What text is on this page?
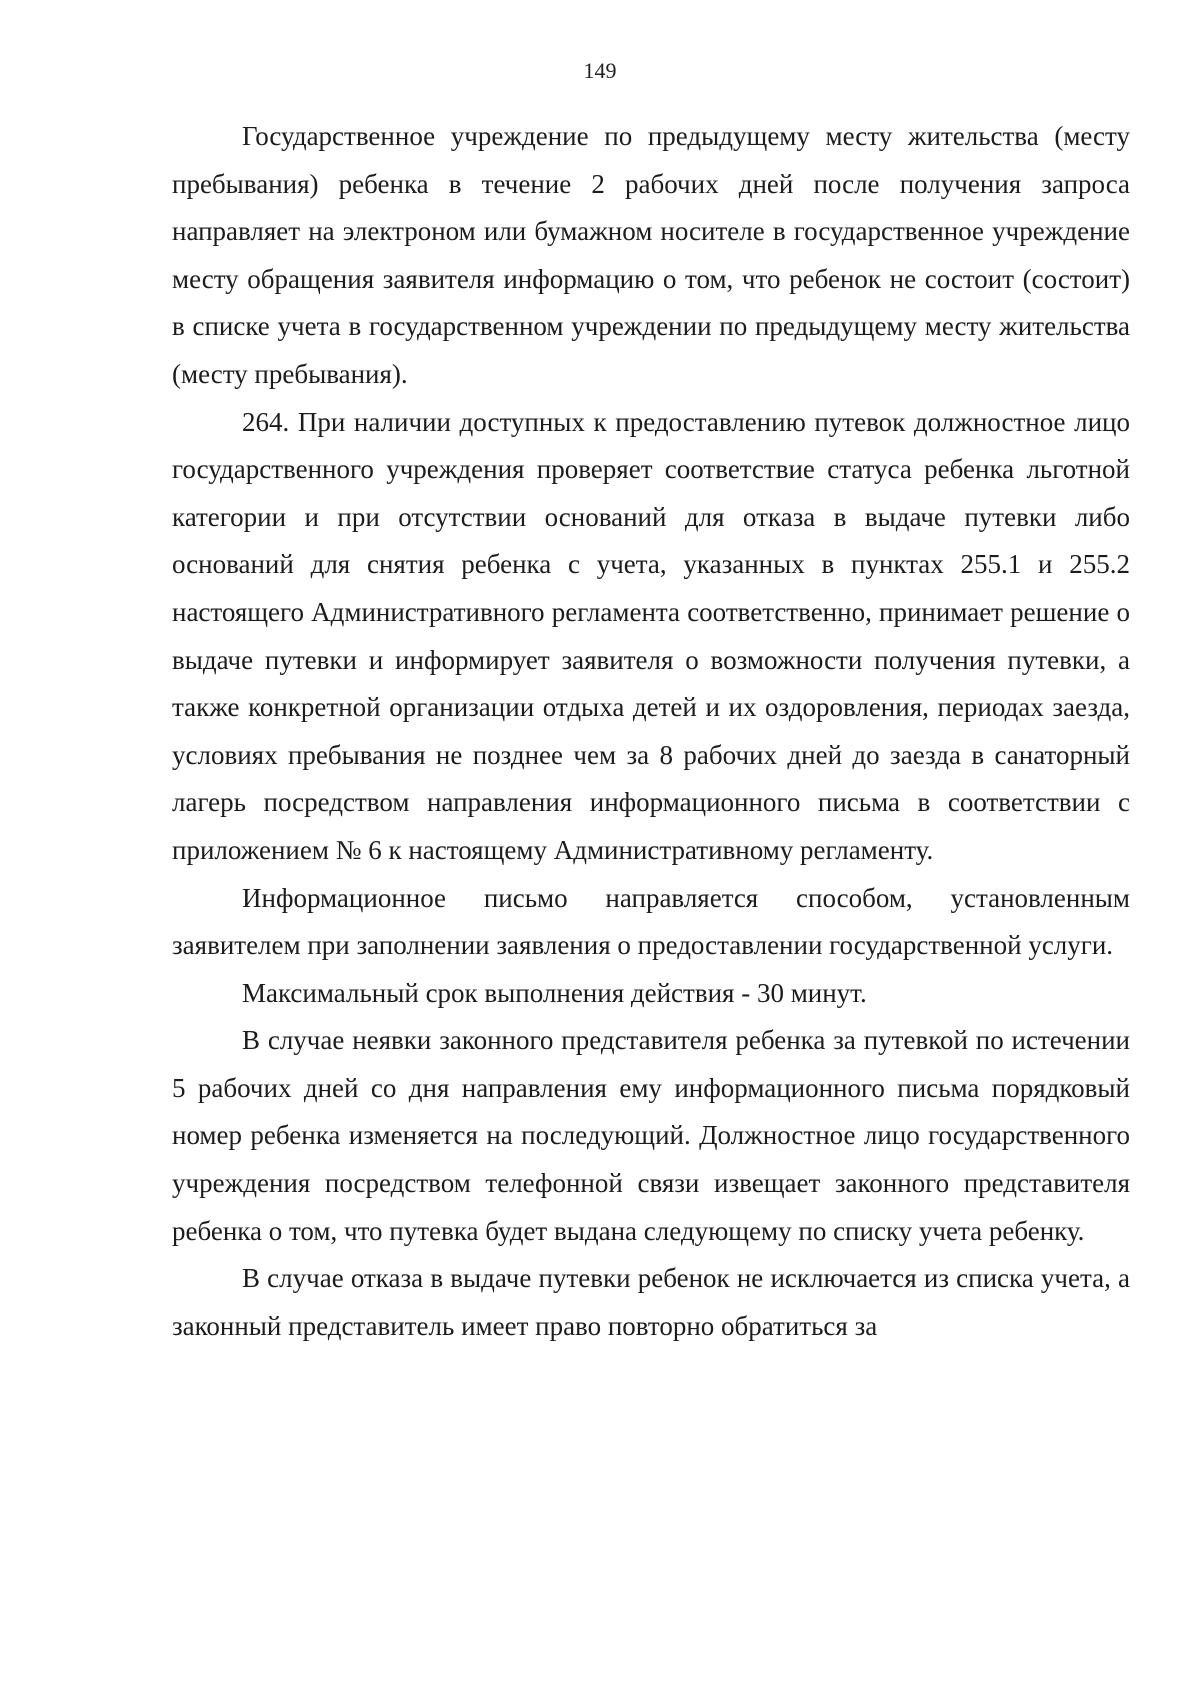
149

Государственное учреждение по предыдущему месту жительства (месту пребывания) ребенка в течение 2 рабочих дней после получения запроса направляет на электроном или бумажном носителе в государственное учреждение месту обращения заявителя информацию о том, что ребенок не состоит (состоит) в списке учета в государственном учреждении по предыдущему месту жительства (месту пребывания).

264. При наличии доступных к предоставлению путевок должностное лицо государственного учреждения проверяет соответствие статуса ребенка льготной категории и при отсутствии оснований для отказа в выдаче путевки либо оснований для снятия ребенка с учета, указанных в пунктах 255.1 и 255.2 настоящего Административного регламента соответственно, принимает решение о выдаче путевки и информирует заявителя о возможности получения путевки, а также конкретной организации отдыха детей и их оздоровления, периодах заезда, условиях пребывания не позднее чем за 8 рабочих дней до заезда в санаторный лагерь посредством направления информационного письма в соответствии с приложением № 6 к настоящему Административному регламенту.

Информационное письмо направляется способом, установленным заявителем при заполнении заявления о предоставлении государственной услуги.

Максимальный срок выполнения действия - 30 минут.

В случае неявки законного представителя ребенка за путевкой по истечении 5 рабочих дней со дня направления ему информационного письма порядковый номер ребенка изменяется на последующий. Должностное лицо государственного учреждения посредством телефонной связи извещает законного представителя ребенка о том, что путевка будет выдана следующему по списку учета ребенку.

В случае отказа в выдаче путевки ребенок не исключается из списка учета, а законный представитель имеет право повторно обратиться за
